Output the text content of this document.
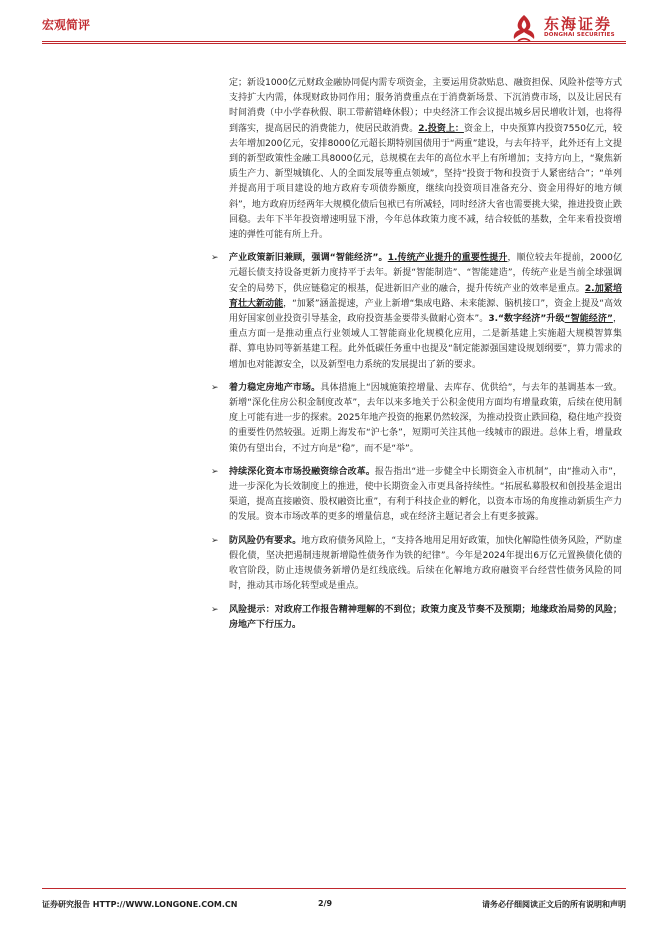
宏观简评	东海证券
DONGHAI SECURITIES

定；新设1000亿元财政金融协同促内需专项资金，主要运用贷款贴息、融资担保、风险补偿等方式支持扩大内需，体现财政协同作用；服务消费重点在于消费新场景、下沉消费市场，以及让居民有时间消费（中小学春秋假、职工带薪错峰休假）；中央经济工作会议提出城乡居民增收计划，也将得到落实，提高居民的消费能力，使居民敢消费。2.投资上：资金上，中央预算内投资7550亿元，较去年增加200亿元，安排8000亿元超长期特别国债用于“两重”建设，与去年持平，此外还有上文提到的新型政策性金融工具8000亿元，总规模在去年的高位水平上有所增加；支持方向上，“聚焦新质生产力、新型城镇化、人的全面发展等重点领域”，坚持“投资于物和投资于人紧密结合”；“单列并提高用于项目建设的地方政府专项债券额度，继续向投资项目准备充分、资金用得好的地方倾斜”，地方政府历经两年大规模化债后包袱已有所减轻，同时经济大省也需要挑大梁，推进投资止跌回稳。去年下半年投资增速明显下滑，今年总体政策力度不减，结合较低的基数，全年来看投资增速的弹性可能有所上升。

➢ 产业政策新旧兼顾，强调“智能经济”。1.传统产业提升的重要性提升，顺位较去年提前，2000亿元超长债支持设备更新力度持平于去年。新提“智能制造”、“智能建造”，传统产业是当前全球强调安全的局势下，供应链稳定的根基，促进新旧产业的融合，提升传统产业的效率是重点。2.加紧培育壮大新动能，“加紧”涵盖提速，产业上新增“集成电路、未来能源、脑机接口”，资金上提及“高效用好国家创业投资引导基金，政府投资基金要带头做耐心资本”。3.“数字经济”升级“智能经济”，重点方面一是推动重点行业领域人工智能商业化规模化应用，二是新基建上实施超大规模智算集群、算电协同等新基建工程。此外低碳任务重中也提及“制定能源强国建设规划纲要”，算力需求的增加也对能源安全，以及新型电力系统的发展提出了新的要求。

➢ 着力稳定房地产市场。具体措施上“因城施策控增量、去库存、优供给”，与去年的基调基本一致。新增“深化住房公积金制度改革”，去年以来多地关于公积金使用方面均有增量政策，后续在使用制度上可能有进一步的探索。2025年地产投资的拖累仍然较深，为推动投资止跌回稳，稳住地产投资的重要性仍然较强。近期上海发布“沪七条”，短期可关注其他一线城市的跟进。总体上看，增量政策仍有望出台，不过方向是“稳”，而不是“举”。

➢ 持续深化资本市场投融资综合改革。报告指出“进一步健全中长期资金入市机制”，由“推动入市”，进一步深化为长效制度上的推进，使中长期资金入市更具备持续性。“拓展私募股权和创投基金退出渠道，提高直接融资、股权融资比重”，有利于科技企业的孵化，以资本市场的角度推动新质生产力的发展。资本市场改革的更多的增量信息，或在经济主题记者会上有更多披露。

➢ 防风险仍有要求。地方政府债务风险上，“支持各地用足用好政策，加快化解隐性债务风险，严防虚假化债，坚决把遏制违规新增隐性债务作为铁的纪律”。今年是2024年提出6万亿元置换债化债的收官阶段，防止违规债务新增仍是红线底线。后续在化解地方政府融资平台经营性债务风险的同时，推动其市场化转型或是重点。

➢ 风险提示：对政府工作报告精神理解的不到位；政策力度及节奏不及预期；地缘政治局势的风险；房地产下行压力。

证券研究报告 HTTP://WWW.LONGONE.COM.CN	2/9	请务必仔细阅读正文后的所有说明和声明
